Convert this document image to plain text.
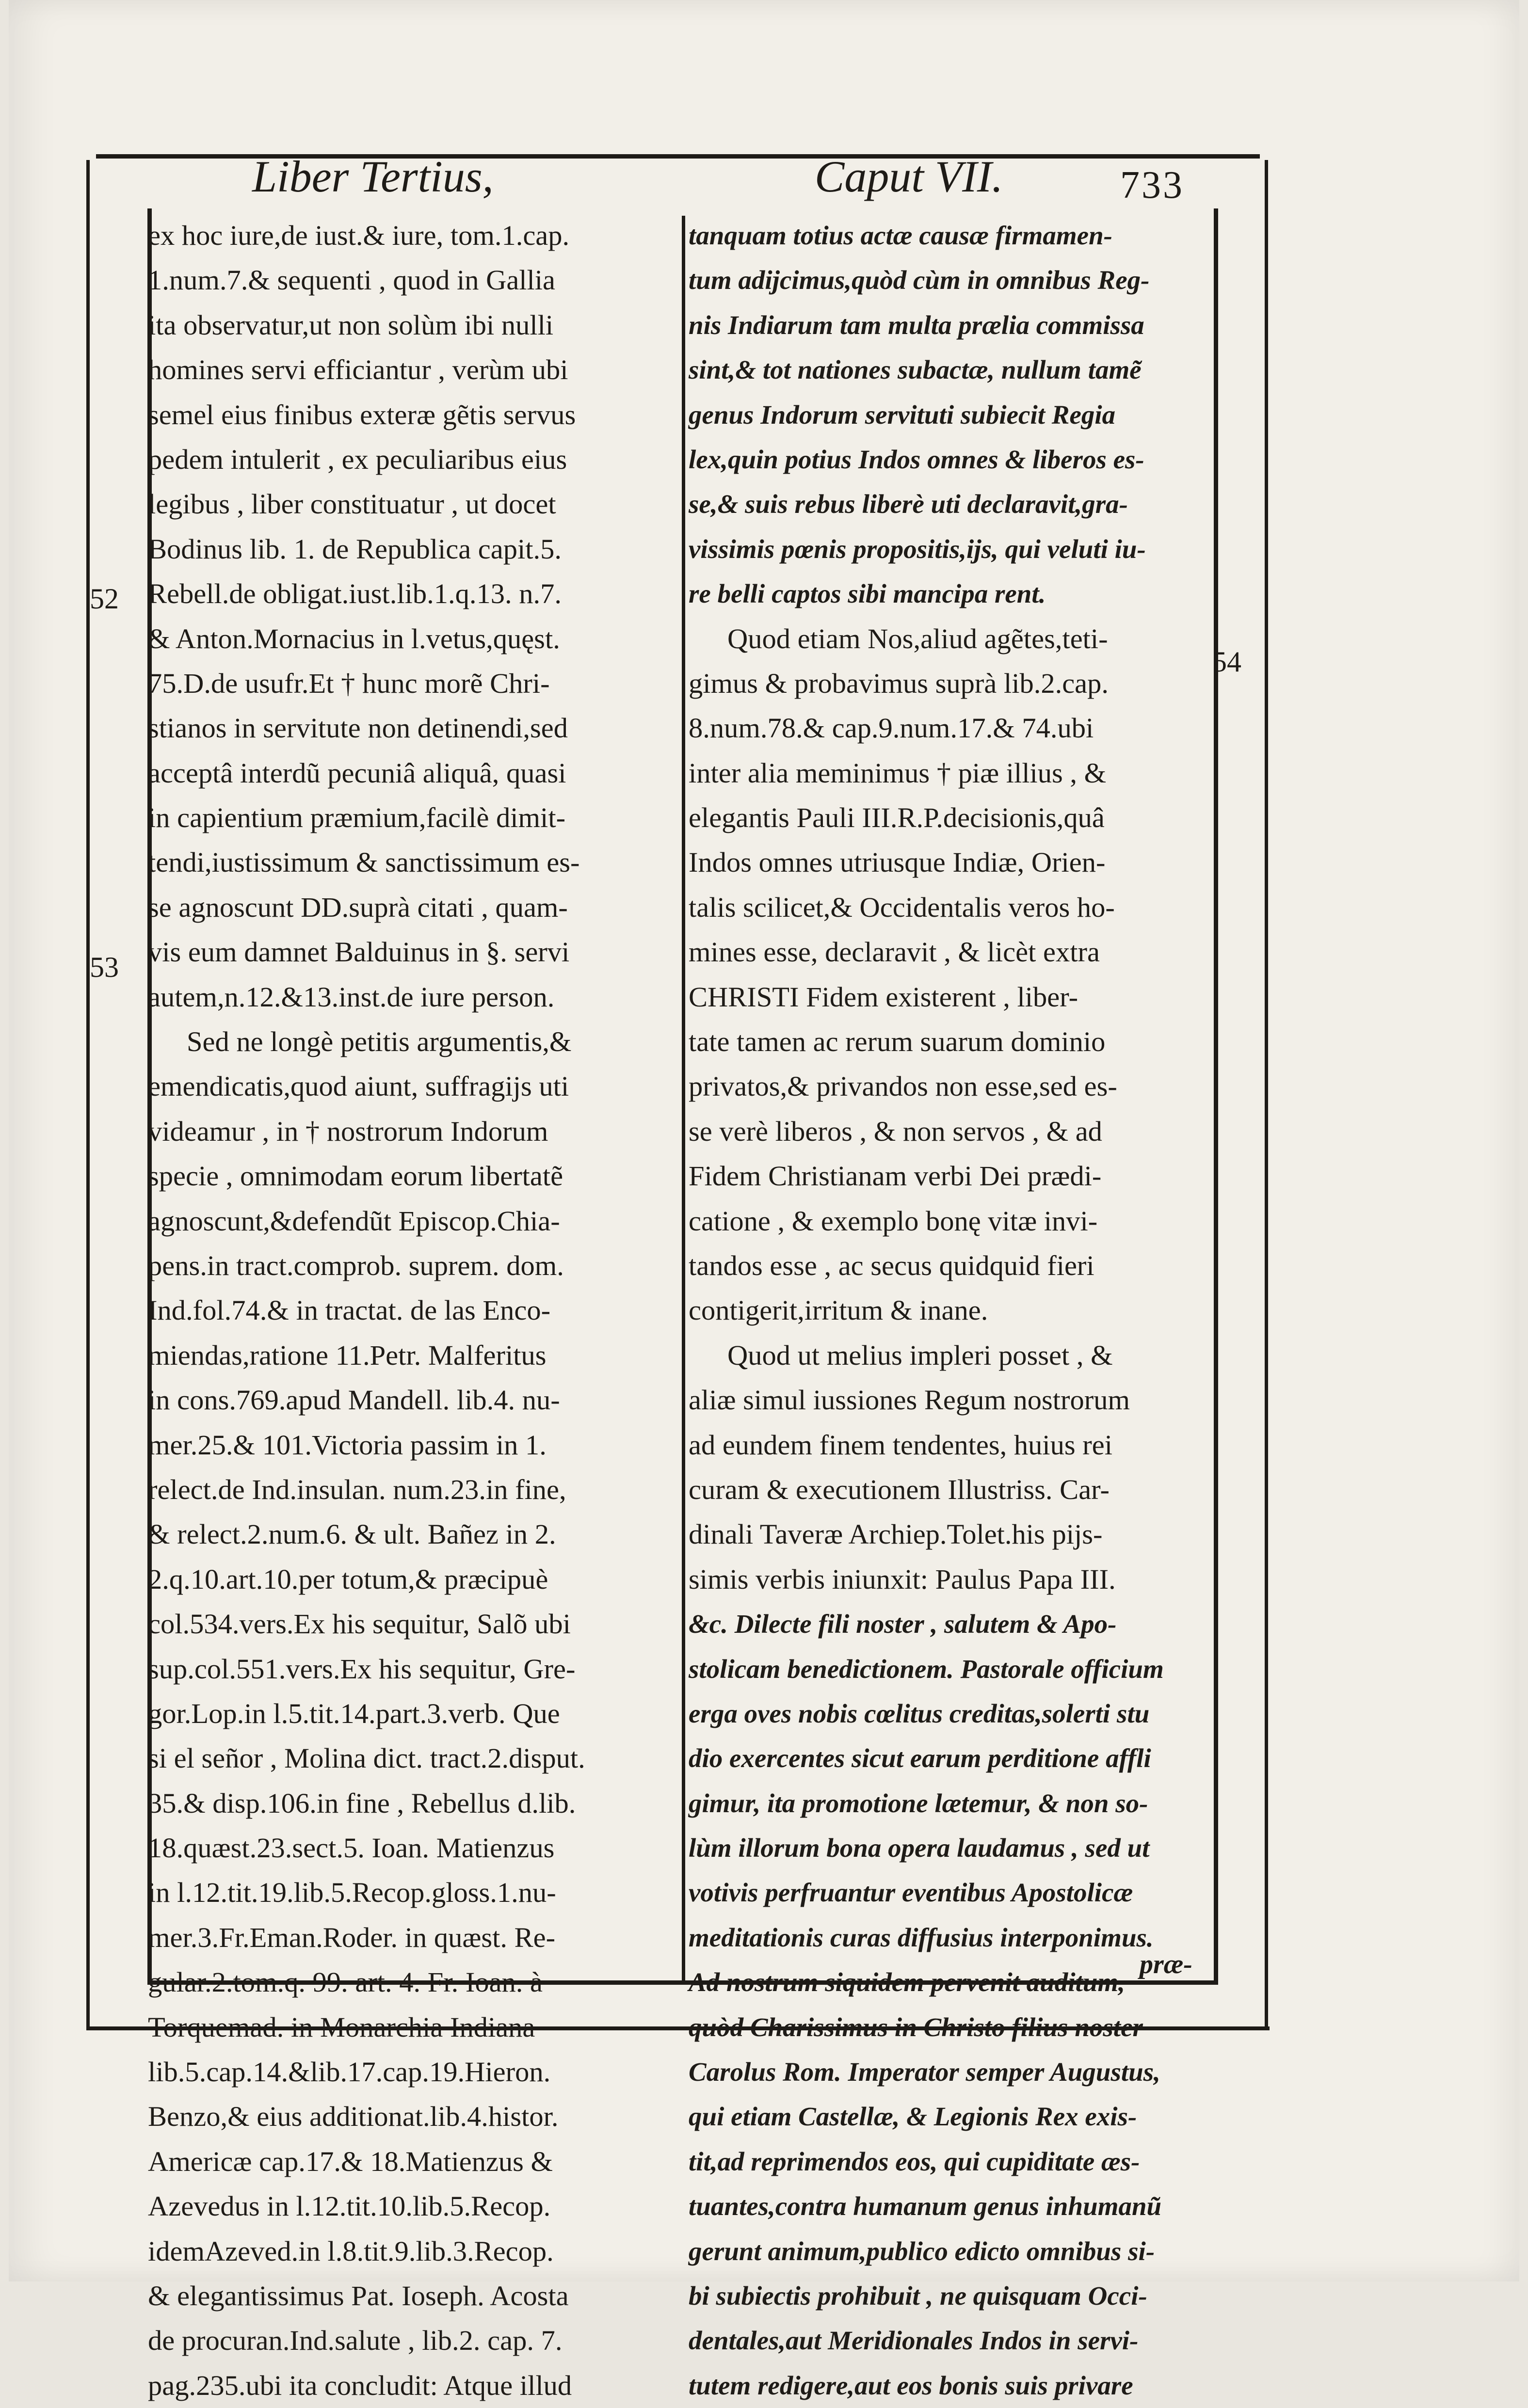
Liber Tertius,	Caput VII.	733
52
53
54
ex hoc iure,de iust.& iure, tom.1.cap.
1.num.7.& sequenti , quod in Gallia
ita observatur,ut non solùm ibi nulli
homines servi efficiantur , verùm ubi
semel eius finibus exteræ gẽtis servus
pedem intulerit , ex peculiaribus eius
legibus , liber constituatur , ut docet
Bodinus lib. 1. de Republica capit.5.
Rebell.de obligat.iust.lib.1.q.13. n.7.
& Anton.Mornacius in l.vetus,quęst.
75.D.de usufr.Et † hunc morẽ Chri-
stianos in servitute non detinendi,sed
acceptâ interdũ pecuniâ aliquâ, quasi
in capientium præmium,facilè dimit-
tendi,iustissimum & sanctissimum es-
se agnoscunt DD.suprà citati , quam-
vis eum damnet Balduinus in §. servi
autem,n.12.&13.inst.de iure person.
Sed ne longè petitis argumentis,&
emendicatis,quod aiunt, suffragijs uti
videamur , in † nostrorum Indorum
specie , omnimodam eorum libertatẽ
agnoscunt,&defendũt Episcop.Chia-
pens.in tract.comprob. suprem. dom.
Ind.fol.74.& in tractat. de las Enco-
miendas,ratione 11.Petr. Malferitus
in cons.769.apud Mandell. lib.4. nu-
mer.25.& 101.Victoria passim in 1.
relect.de Ind.insulan. num.23.in fine,
& relect.2.num.6. & ult. Bañez in 2.
2.q.10.art.10.per totum,& præcipuè
col.534.vers.Ex his sequitur, Salõ ubi
sup.col.551.vers.Ex his sequitur, Gre-
gor.Lop.in l.5.tit.14.part.3.verb. Que
si el señor , Molina dict. tract.2.disput.
35.& disp.106.in fine , Rebellus d.lib.
18.quæst.23.sect.5. Ioan. Matienzus
in l.12.tit.19.lib.5.Recop.gloss.1.nu-
mer.3.Fr.Eman.Roder. in quæst. Re-
gular.2.tom.q. 99. art. 4. Fr. Ioan. à
Torquemad. in Monarchia Indiana
lib.5.cap.14.&lib.17.cap.19.Hieron.
Benzo,& eius additionat.lib.4.histor.
Americæ cap.17.& 18.Matienzus &
Azevedus in l.12.tit.10.lib.5.Recop.
idemAzeved.in l.8.tit.9.lib.3.Recop.
& elegantissimus Pat. Ioseph. Acosta
de procuran.Ind.salute , lib.2. cap. 7.
pag.235.ubi ita concludit: Atque illud
tanquam totius actæ causæ firmamen-
tum adijcimus,quòd cùm in omnibus Reg-
nis Indiarum tam multa prælia commissa
sint,& tot nationes subactæ, nullum tamẽ
genus Indorum servituti subiecit Regia
lex,quin potius Indos omnes & liberos es-
se,& suis rebus liberè uti declaravit,gra-
vissimis pœnis propositis,ijs, qui veluti iu-
re belli captos sibi mancipa rent.
Quod etiam Nos,aliud agẽtes,teti-
gimus & probavimus suprà lib.2.cap.
8.num.78.& cap.9.num.17.& 74.ubi
inter alia meminimus † piæ illius , &
elegantis Pauli III.R.P.decisionis,quâ
Indos omnes utriusque Indiæ, Orien-
talis scilicet,& Occidentalis veros ho-
mines esse, declaravit , & licèt extra
CHRISTI Fidem existerent , liber-
tate tamen ac rerum suarum dominio
privatos,& privandos non esse,sed es-
se verè liberos , & non servos , & ad
Fidem Christianam verbi Dei prædi-
catione , & exemplo bonę vitæ invi-
tandos esse , ac secus quidquid fieri
contigerit,irritum & inane.
Quod ut melius impleri posset , &
aliæ simul iussiones Regum nostrorum
ad eundem finem tendentes, huius rei
curam & executionem Illustriss. Car-
dinali Taveræ Archiep.Tolet.his pijs-
simis verbis iniunxit: Paulus Papa III.
&c. Dilecte fili noster , salutem & Apo-
stolicam benedictionem. Pastorale officium
erga oves nobis cœlitus creditas,solerti stu
dio exercentes sicut earum perditione affli
gimur, ita promotione lætemur, & non so-
lùm illorum bona opera laudamus , sed ut
votivis perfruantur eventibus Apostolicæ
meditationis curas diffusius interponimus.
Ad nostrum siquidem pervenit auditum,
quòd Charissimus in Christo filius noster
Carolus Rom. Imperator semper Augustus,
qui etiam Castellæ, & Legionis Rex exis-
tit,ad reprimendos eos, qui cupiditate æs-
tuantes,contra humanum genus inhumanũ
gerunt animum,publico edicto omnibus si-
bi subiectis prohibuit , ne quisquam Occi-
dentales,aut Meridionales Indos in servi-
tutem redigere,aut eos bonis suis privare
præ-
